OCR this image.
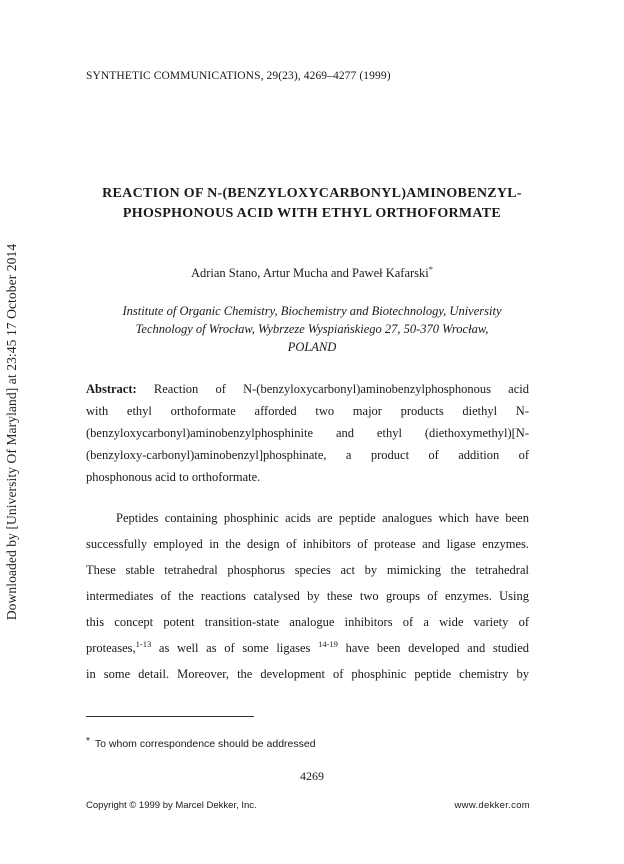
Downloaded by [University Of Maryland] at 23:45 17 October 2014
SYNTHETIC COMMUNICATIONS, 29(23), 4269–4277 (1999)
REACTION OF N-(BENZYLOXYCARBONYL)AMINOBENZYL-
PHOSPHONOUS ACID WITH ETHYL ORTHOFORMATE
Adrian Stano, Artur Mucha and Paweł Kafarski*
Institute of Organic Chemistry, Biochemistry and Biotechnology, University
Technology of Wrocław, Wybrzeze Wyspiańskiego 27, 50-370 Wrocław,
POLAND
Abstract: Reaction of N-(benzyloxycarbonyl)aminobenzylphosphonous acid
with ethyl orthoformate afforded two major products diethyl N-
(benzyloxycarbonyl)aminobenzylphosphinite and ethyl (diethoxymethyl)[N-
(benzyloxy-carbonyl)aminobenzyl]phosphinate, a product of addition of
phosphonous acid to orthoformate.
Peptides containing phosphinic acids are peptide analogues which have been
successfully employed in the design of inhibitors of protease and ligase enzymes.
These stable tetrahedral phosphorus species act by mimicking the tetrahedral
intermediates of the reactions catalysed by these two groups of enzymes. Using
this concept potent transition-state analogue inhibitors of a wide variety of
proteases,$^{1-13}$ as well as of some ligases $^{14-19}$ have been developed and studied
in some detail. Moreover, the development of phosphinic peptide chemistry by
* To whom correspondence should be addressed
4269
Copyright © 1999 by Marcel Dekker, Inc.	www.dekker.com
